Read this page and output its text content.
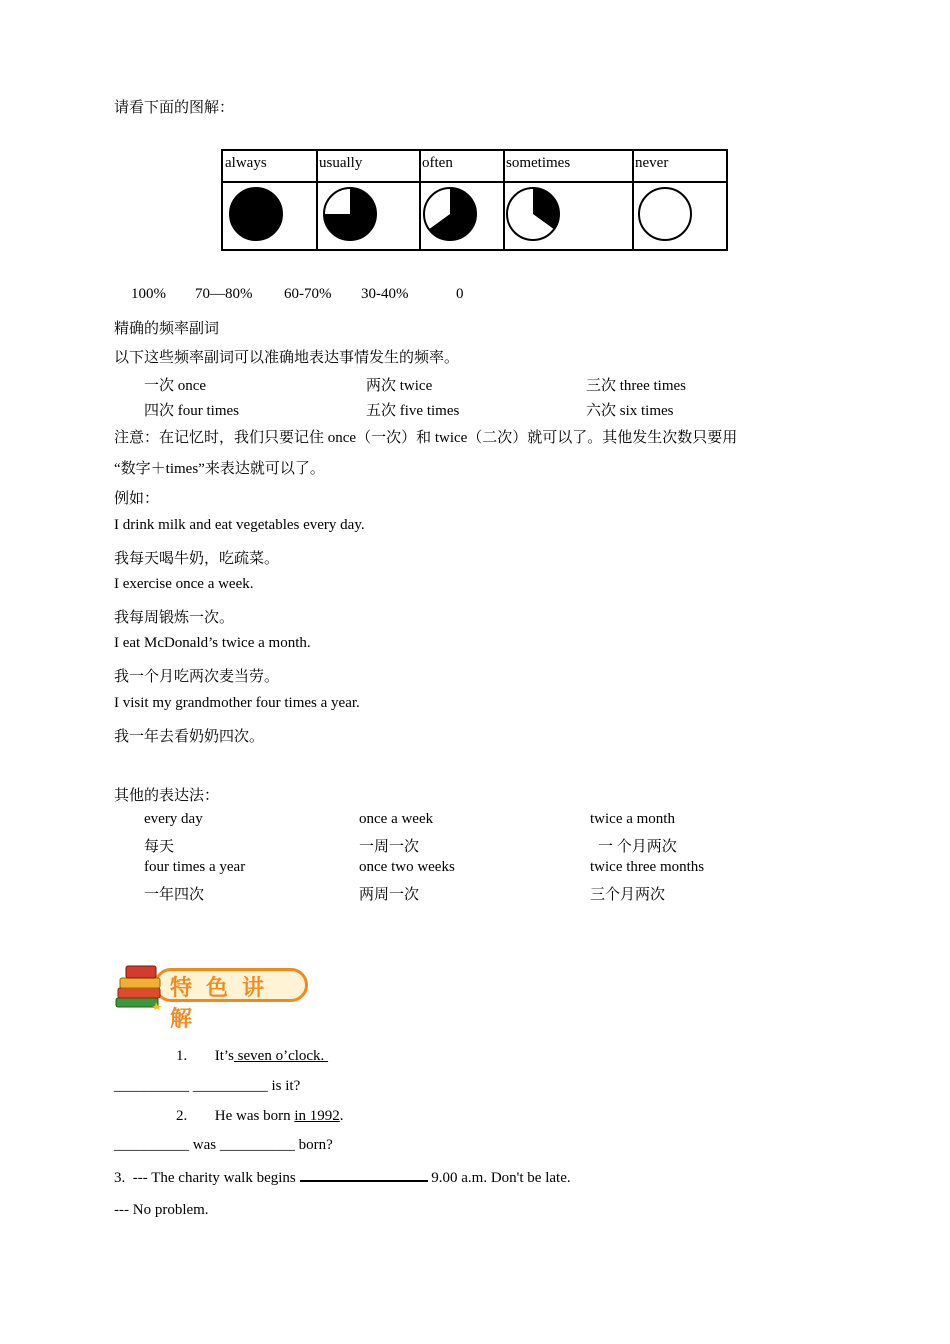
请看下面的图解：
always	usually	often	sometimes	never
100% 70—80% 60-70% 30-40%	0
精确的频率副词
以下这些频率副词可以准确地表达事情发生的频率。
一次 once	两次 twice	三次 three times
四次 four times	五次 five times	六次 six times
注意：在记忆时，我们只要记住 once（一次）和 twice（二次）就可以了。其他发生次数只要用
“数字＋times”来表达就可以了。
例如：
I drink milk and eat vegetables every day.
我每天喝牛奶，吃疏菜。
I exercise once a week.
我每周锻炼一次。
I eat McDonald’s twice a month.
我一个月吃两次麦当劳。
I visit my grandmother four times a year.
我一年去看奶奶四次。
其他的表达法：
every day	once a week	twice a month
每天	一周一次	一 个月两次
four times a year	once two weeks	twice three months
一年四次	两周一次	三个月两次
特色讲解
1. It’s seven o’clock.
__________ __________ is it?
2. He was born in 1992.
__________ was __________ born?
3.  --- The charity walk begins	9.00 a.m. Don't be late.
--- No problem.
